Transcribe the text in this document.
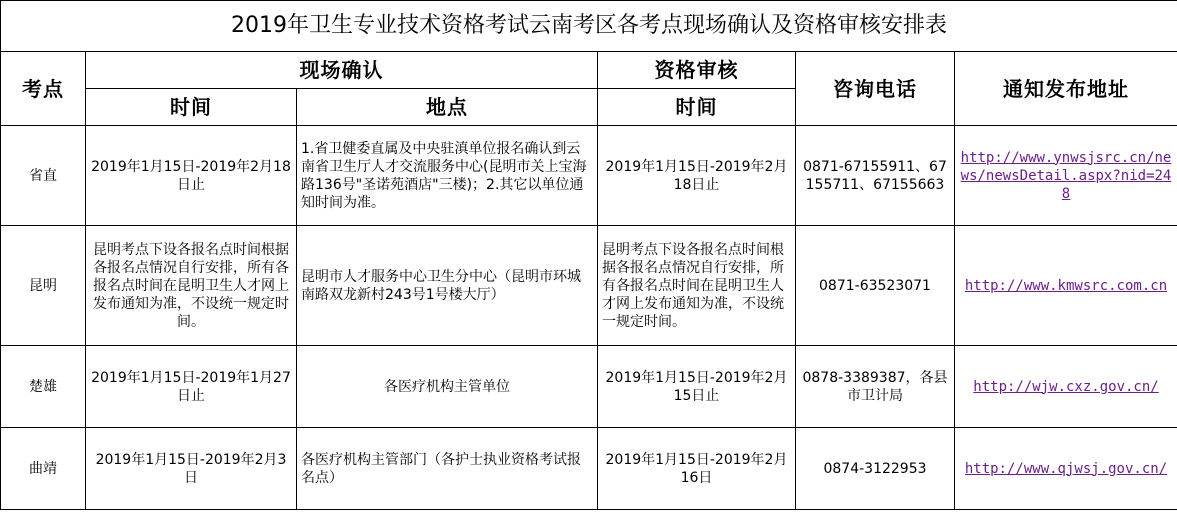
2019年卫生专业技术资格考试云南考区各考点现场确认及资格审核安排表					
考点	现场确认		资格审核	咨询电话	通知发布地址
	时间	地点	时间		
省直	2019年1月15日-2019年2月18日止	1.省卫健委直属及中央驻滇单位报名确认到云南省卫生厅人才交流服务中心(昆明市关上宝海路136号"圣诺苑酒店"三楼)；2.其它以单位通知时间为准。	2019年1月15日-2019年2月18日止	0871-67155911、67155711、67155663	http://www.ynwsjsrc.cn/news/newsDetail.aspx?nid=248
昆明	昆明考点下设各报名点时间根据各报名点情况自行安排，所有各报名点时间在昆明卫生人才网上发布通知为准，不设统一规定时间。	昆明市人才服务中心卫生分中心（昆明市环城南路双龙新村243号1号楼大厅）	昆明考点下设各报名点时间根据各报名点情况自行安排，所有各报名点时间在昆明卫生人才网上发布通知为准，不设统一规定时间。	0871-63523071	http://www.kmwsrc.com.cn
楚雄	2019年1月15日-2019年1月27日止	各医疗机构主管单位	2019年1月15日-2019年2月15日止	0878-3389387，各县市卫计局	http://wjw.cxz.gov.cn/
曲靖	2019年1月15日-2019年2月3日	各医疗机构主管部门（各护士执业资格考试报名点）	2019年1月15日-2019年2月16日	0874-3122953	http://www.qjwsj.gov.cn/
